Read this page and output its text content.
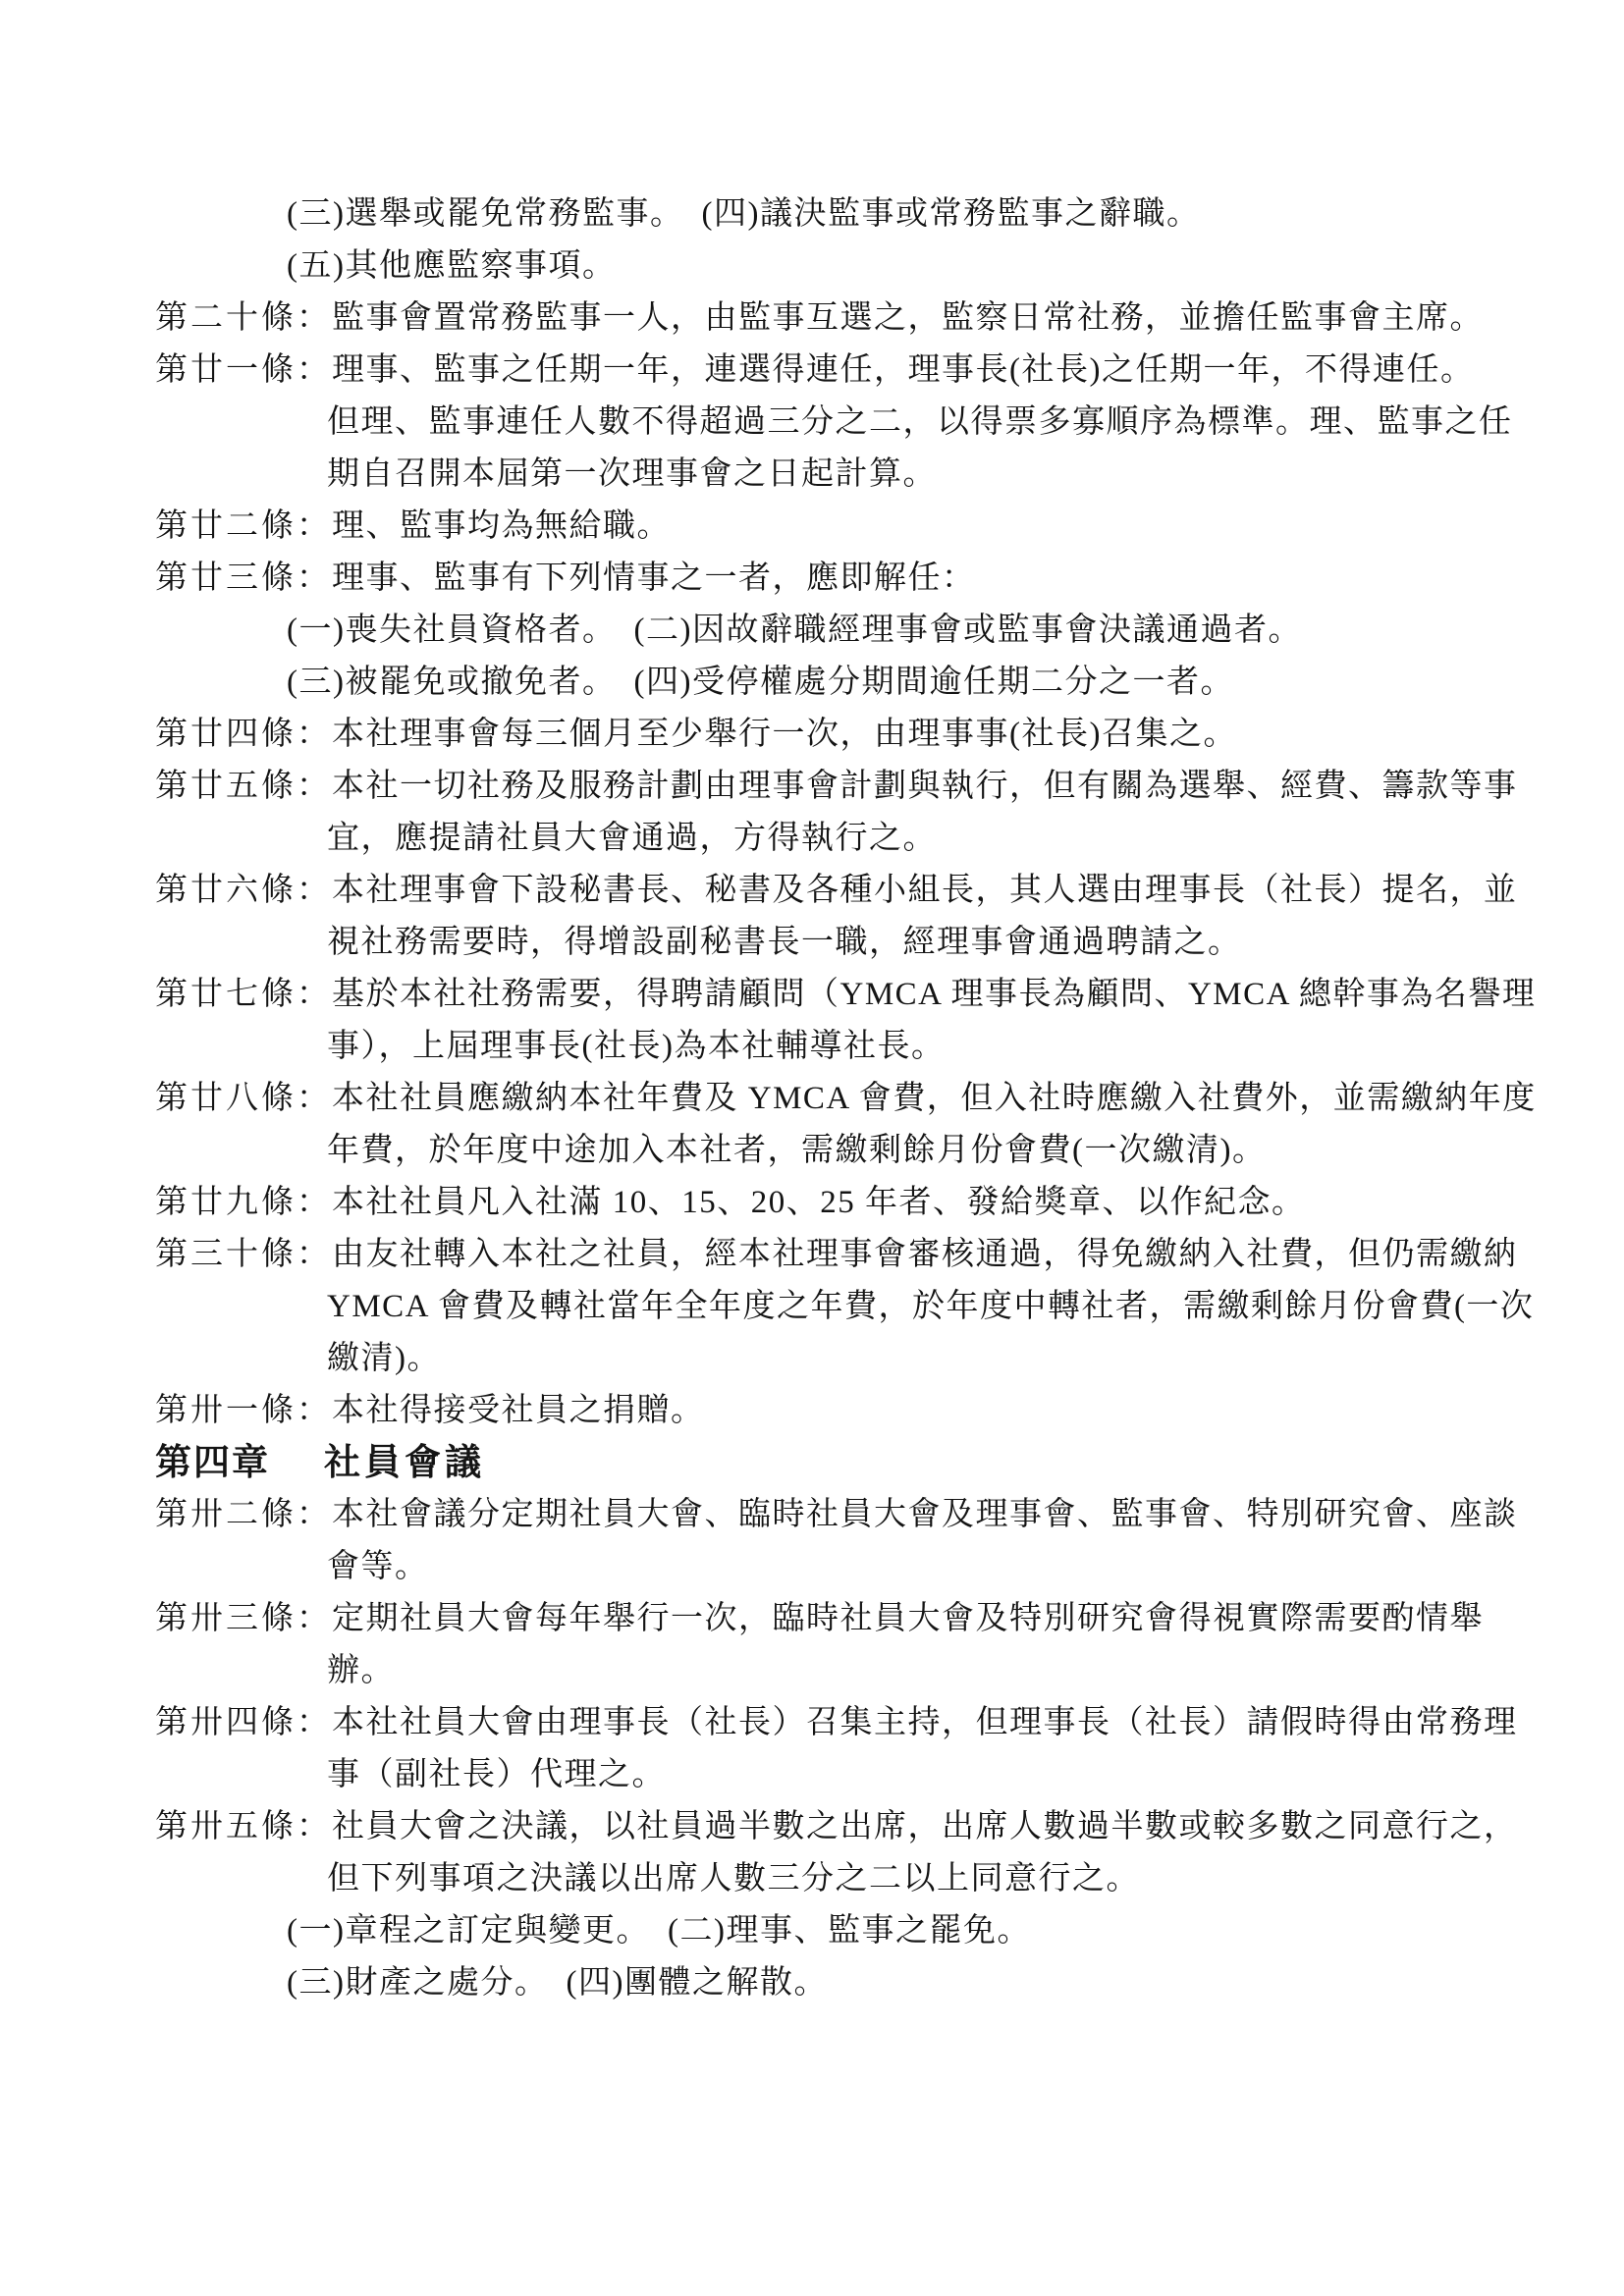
(三)選舉或罷免常務監事。　(四)議決監事或常務監事之辭職。
(五)其他應監察事項。
第二十條：監事會置常務監事一人，由監事互選之，監察日常社務，並擔任監事會主席。
第廿一條：理事、監事之任期一年，連選得連任，理事長(社長)之任期一年，不得連任。
但理、監事連任人數不得超過三分之二，以得票多寡順序為標準。理、監事之任
期自召開本屆第一次理事會之日起計算。
第廿二條：理、監事均為無給職。
第廿三條：理事、監事有下列情事之一者，應即解任：
(一)喪失社員資格者。　(二)因故辭職經理事會或監事會決議通過者。
(三)被罷免或撤免者。　(四)受停權處分期間逾任期二分之一者。
第廿四條：本社理事會每三個月至少舉行一次，由理事事(社長)召集之。
第廿五條：本社一切社務及服務計劃由理事會計劃與執行，但有關為選舉、經費、籌款等事
宜，應提請社員大會通過，方得執行之。
第廿六條：本社理事會下設秘書長、秘書及各種小組長，其人選由理事長（社長）提名，並
視社務需要時，得增設副秘書長一職，經理事會通過聘請之。
第廿七條：基於本社社務需要，得聘請顧問（YMCA 理事長為顧問、YMCA 總幹事為名譽理
事），上屆理事長(社長)為本社輔導社長。
第廿八條：本社社員應繳納本社年費及 YMCA 會費，但入社時應繳入社費外，並需繳納年度
年費，於年度中途加入本社者，需繳剩餘月份會費(一次繳清)。
第廿九條：本社社員凡入社滿 10、15、20、25 年者、發給獎章、以作紀念。
第三十條：由友社轉入本社之社員，經本社理事會審核通過，得免繳納入社費，但仍需繳納
YMCA 會費及轉社當年全年度之年費，於年度中轉社者，需繳剩餘月份會費(一次
繳清)。
第卅一條：本社得接受社員之捐贈。
第四章 社員會議
第卅二條：本社會議分定期社員大會、臨時社員大會及理事會、監事會、特別研究會、座談
會等。
第卅三條：定期社員大會每年舉行一次，臨時社員大會及特別研究會得視實際需要酌情舉
辦。
第卅四條：本社社員大會由理事長（社長）召集主持，但理事長（社長）請假時得由常務理
事（副社長）代理之。
第卅五條：社員大會之決議，以社員過半數之出席，出席人數過半數或較多數之同意行之，
但下列事項之決議以出席人數三分之二以上同意行之。
(一)章程之訂定與變更。　(二)理事、監事之罷免。
(三)財產之處分。　(四)團體之解散。
